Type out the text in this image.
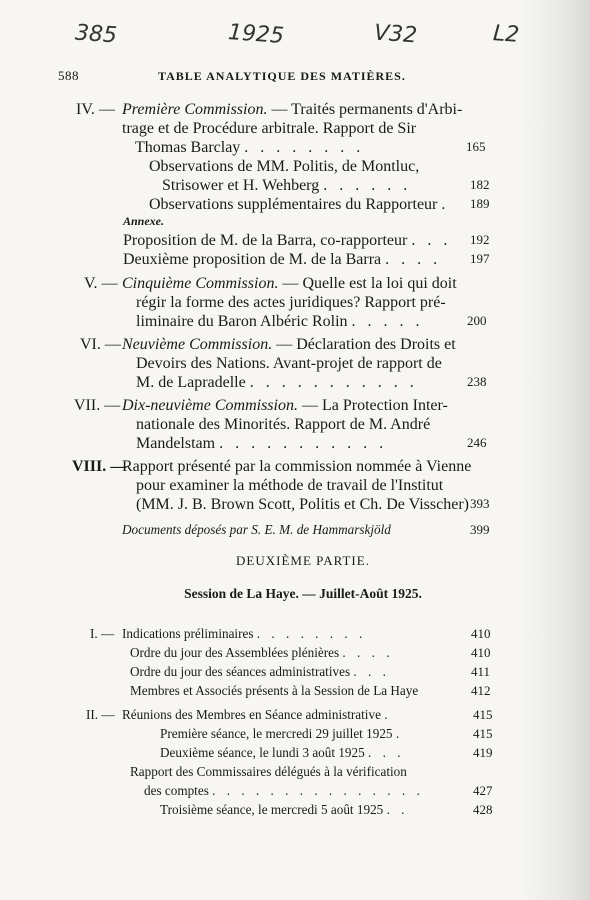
385	1925	V32	L2
588	TABLE ANALYTIQUE DES MATIÈRES.
IV. — Première Commission. — Traités permanents d'Arbi-
trage et de Procédure arbitrale. Rapport de Sir
Thomas Barclay . . . . . . . .	165
Observations de MM. Politis, de Montluc,
Strisower et H. Wehberg . . . . . .	182
Observations supplémentaires du Rapporteur . 189
Annexe.
Proposition de M. de la Barra, co-rapporteur . . . 192
Deuxième proposition de M. de la Barra . . . . 197
V. — Cinquième Commission. — Quelle est la loi qui doit
régir la forme des actes juridiques? Rapport pré-
liminaire du Baron Albéric Rolin . . . . .	200
VI. — Neuvième Commission. — Déclaration des Droits et
Devoirs des Nations. Avant-projet de rapport de
M. de Lapradelle . . . . . . . . . . .	238
VII. — Dix-neuvième Commission. — La Protection Inter-
nationale des Minorités. Rapport de M. André
Mandelstam . . . . . . . . . . .	246
VIII. —
Rapport présenté par la commission nommée à Vienne
pour examiner la méthode de travail de l'Institut
(MM. J. B. Brown Scott, Politis et Ch. De Visscher) 393
Documents déposés par S. E. M. de Hammarskjöld	399
DEUXIÈME PARTIE.
Session de La Haye. — Juillet-Août 1925.
I. — Indications préliminaires . . . . . . . .	410
Ordre du jour des Assemblées plénières . . . .	410
Ordre du jour des séances administratives . . .	411
Membres et Associés présents à la Session de La Haye	412
II. — Réunions des Membres en Séance administrative .	415
Première séance, le mercredi 29 juillet 1925 .	415
Deuxième séance, le lundi 3 août 1925 . . .	419
Rapport des Commissaires délégués à la vérification
des comptes . . . . . . . . . . . . . . .	427
Troisième séance, le mercredi 5 août 1925 . .	428
